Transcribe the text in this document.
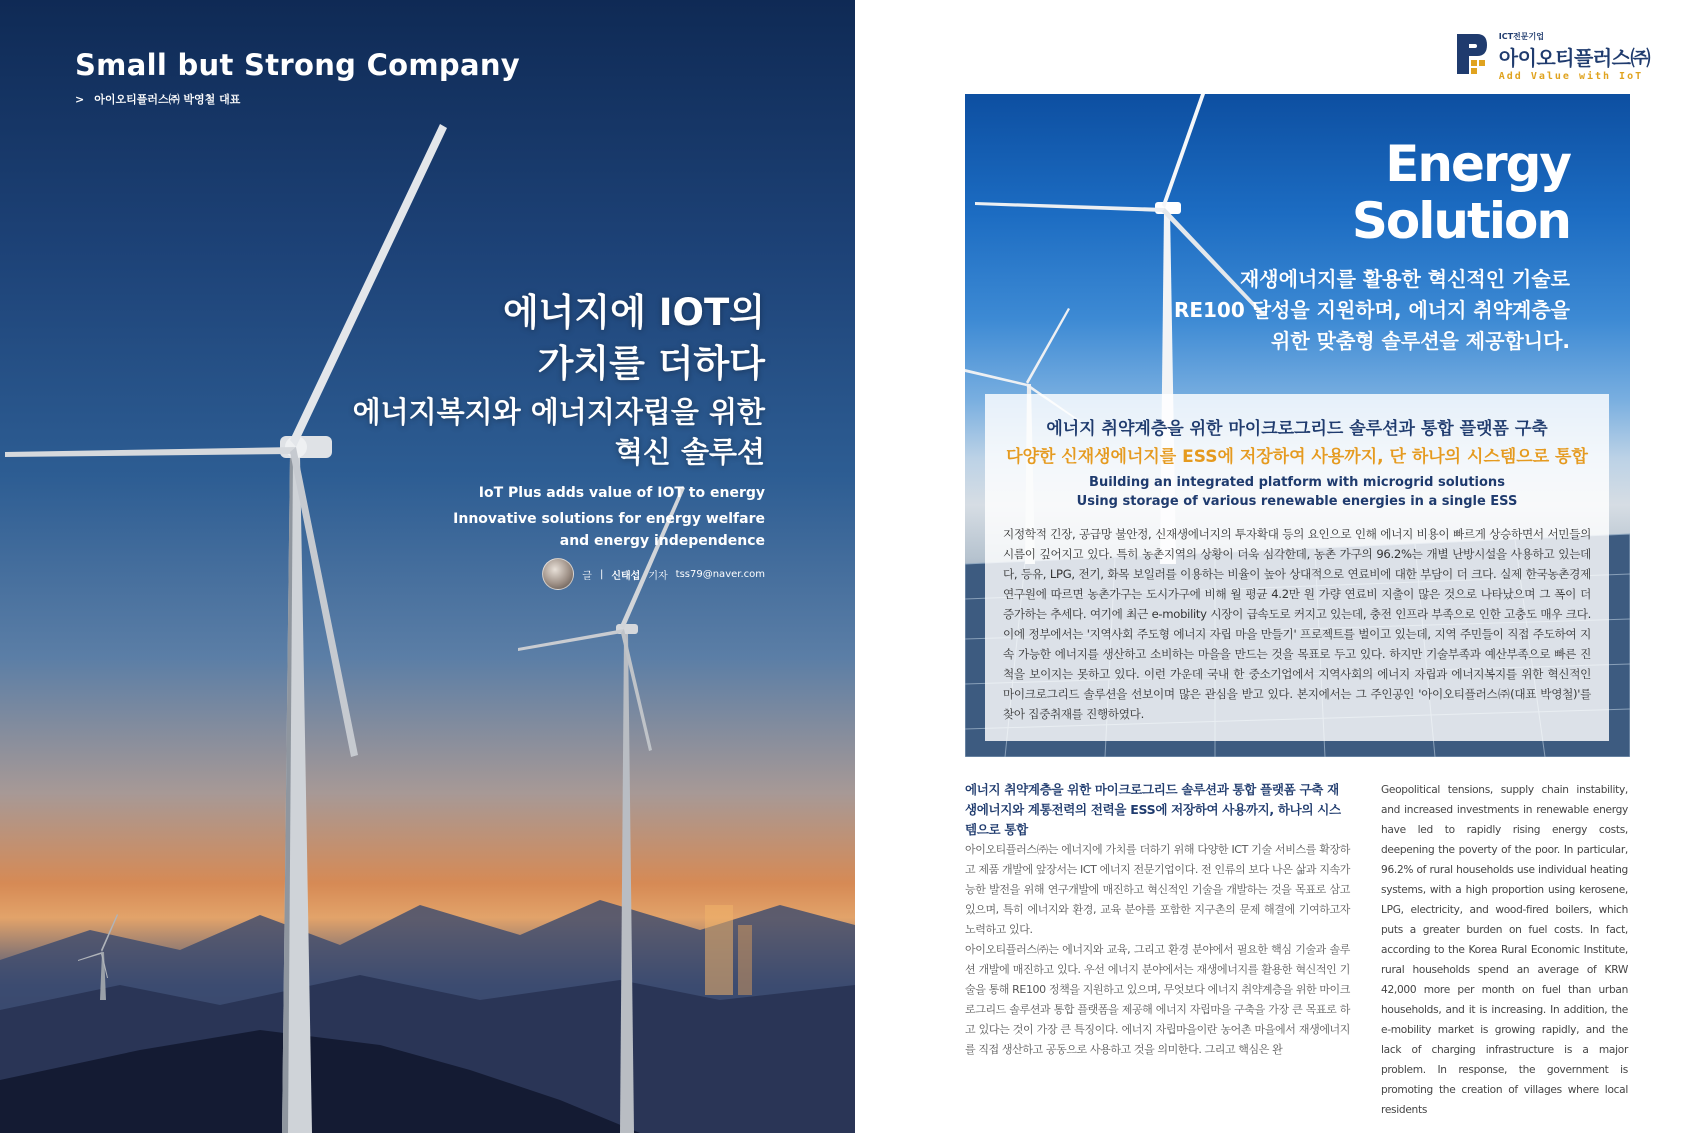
Small but Strong Company
> 아이오티플러스㈜ 박영철 대표
에너지에 IOT의
가치를 더하다
에너지복지와 에너지자립을 위한
혁신 솔루션
IoT Plus adds value of IOT to energy
Innovative solutions for energy welfare and energy independence
글 | 신태섭 기자 tss79@naver.com
ICT전문기업
아이오티플러스㈜
Add Value with IoT
Energy
Solution
재생에너지를 활용한 혁신적인 기술로
RE100 달성을 지원하며, 에너지 취약계층을
위한 맞춤형 솔루션을 제공합니다.
에너지 취약계층을 위한 마이크로그리드 솔루션과 통합 플랫폼 구축
다양한 신재생에너지를 ESS에 저장하여 사용까지, 단 하나의 시스템으로 통합
Building an integrated platform with microgrid solutions
Using storage of various renewable energies in a single ESS
지정학적 긴장, 공급망 불안정, 신재생에너지의 투자확대 등의 요인으로 인해 에너지 비용이 빠르게 상승하면서 서민들의 시름이 깊어지고 있다. 특히 농촌지역의 상황이 더욱 심각한데, 농촌 가구의 96.2%는 개별 난방시설을 사용하고 있는데다, 등유, LPG, 전기, 화목 보일러를 이용하는 비율이 높아 상대적으로 연료비에 대한 부담이 더 크다. 실제 한국농촌경제연구원에 따르면 농촌가구는 도시가구에 비해 월 평균 4.2만 원 가량 연료비 지출이 많은 것으로 나타났으며 그 폭이 더 증가하는 추세다. 여기에 최근 e-mobility 시장이 급속도로 커지고 있는데, 충전 인프라 부족으로 인한 고충도 매우 크다. 이에 정부에서는 '지역사회 주도형 에너지 자립 마을 만들기' 프로젝트를 벌이고 있는데, 지역 주민들이 직접 주도하여 지속 가능한 에너지를 생산하고 소비하는 마을을 만드는 것을 목표로 두고 있다. 하지만 기술부족과 예산부족으로 빠른 진척을 보이지는 못하고 있다. 이런 가운데 국내 한 중소기업에서 지역사회의 에너지 자립과 에너지복지를 위한 혁신적인 마이크로그리드 솔루션을 선보이며 많은 관심을 받고 있다. 본지에서는 그 주인공인 '아이오티플러스㈜(대표 박영철)'를 찾아 집중취재를 진행하였다.
에너지 취약계층을 위한 마이크로그리드 솔루션과 통합 플랫폼 구축 재생에너지와 계통전력의 전력을 ESS에 저장하여 사용까지, 하나의 시스템으로 통합
아이오티플러스㈜는 에너지에 가치를 더하기 위해 다양한 ICT 기술 서비스를 확장하고 제품 개발에 앞장서는 ICT 에너지 전문기업이다. 전 인류의 보다 나은 삶과 지속가능한 발전을 위해 연구개발에 매진하고 혁신적인 기술을 개발하는 것을 목표로 삼고 있으며, 특히 에너지와 환경, 교육 분야를 포함한 지구촌의 문제 해결에 기여하고자 노력하고 있다.
아이오티플러스㈜는 에너지와 교육, 그리고 환경 분야에서 필요한 핵심 기술과 솔루션 개발에 매진하고 있다. 우선 에너지 분야에서는 재생에너지를 활용한 혁신적인 기술을 통해 RE100 정책을 지원하고 있으며, 무엇보다 에너지 취약계층을 위한 마이크로그리드 솔루션과 통합 플랫폼을 제공해 에너지 자립마을 구축을 가장 큰 목표로 하고 있다는 것이 가장 큰 특징이다. 에너지 자립마을이란 농어촌 마을에서 재생에너지를 직접 생산하고 공동으로 사용하고 것을 의미한다. 그리고 핵심은 완
Geopolitical tensions, supply chain instability, and increased investments in renewable energy have led to rapidly rising energy costs, deepening the poverty of the poor. In particular, 96.2% of rural households use individual heating systems, with a high proportion using kerosene, LPG, electricity, and wood-fired boilers, which puts a greater burden on fuel costs. In fact, according to the Korea Rural Economic Institute, rural households spend an average of KRW 42,000 more per month on fuel than urban households, and it is increasing. In addition, the e-mobility market is growing rapidly, and the lack of charging infrastructure is a major problem. In response, the government is promoting the creation of villages where local residents
